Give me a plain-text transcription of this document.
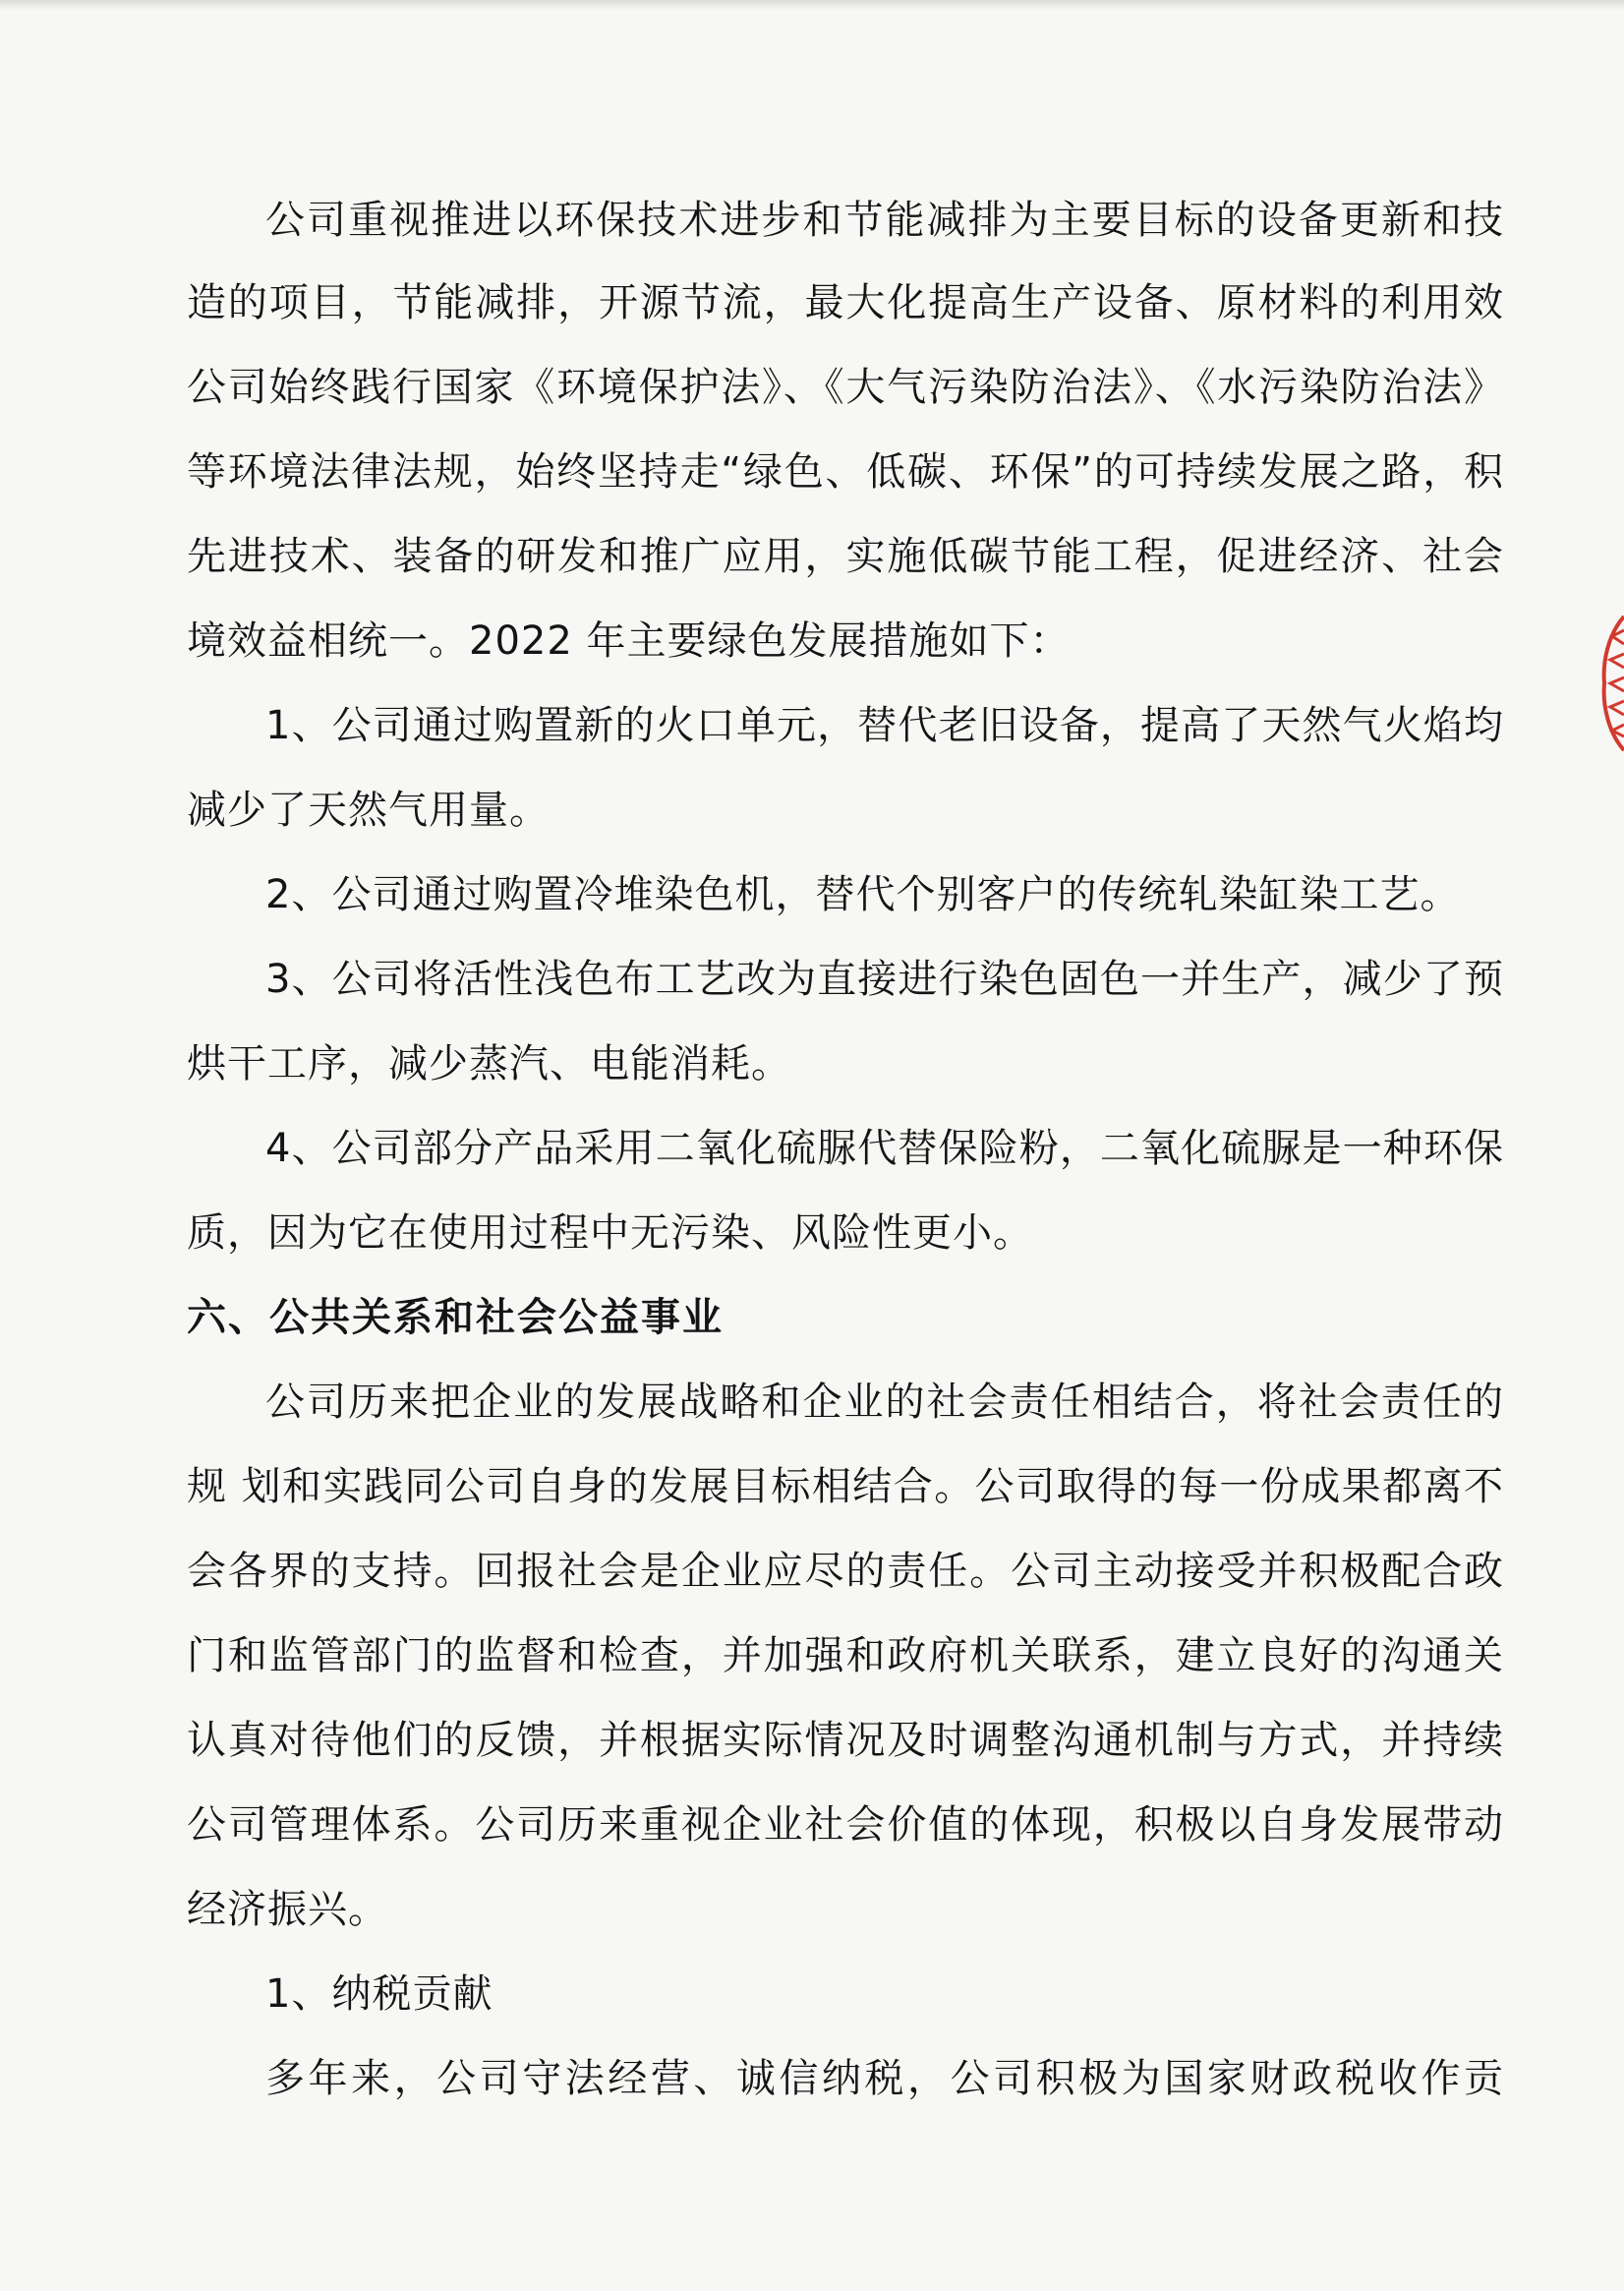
公司重视推进以环保技术进步和节能减排为主要目标的设备更新和技
造的项目，节能减排，开源节流，最大化提高生产设备、原材料的利用效
公司始终践行国家《环境保护法》、《大气污染防治法》、《水污染防治法》
等环境法律法规，始终坚持走“绿色、低碳、环保”的可持续发展之路，积
先进技术、装备的研发和推广应用，实施低碳节能工程，促进经济、社会
境效益相统一。2022 年主要绿色发展措施如下：
1、公司通过购置新的火口单元，替代老旧设备，提高了天然气火焰均
减少了天然气用量。
2、公司通过购置冷堆染色机，替代个别客户的传统轧染缸染工艺。
3、公司将活性浅色布工艺改为直接进行染色固色一并生产，减少了预
烘干工序，减少蒸汽、电能消耗。
4、公司部分产品采用二氧化硫脲代替保险粉，二氧化硫脲是一种环保
质，因为它在使用过程中无污染、风险性更小。
六、公共关系和社会公益事业
公司历来把企业的发展战略和企业的社会责任相结合，将社会责任的
规 划和实践同公司自身的发展目标相结合。公司取得的每一份成果都离不
会各界的支持。回报社会是企业应尽的责任。公司主动接受并积极配合政
门和监管部门的监督和检查，并加强和政府机关联系，建立良好的沟通关
认真对待他们的反馈，并根据实际情况及时调整沟通机制与方式，并持续
公司管理体系。公司历来重视企业社会价值的体现，积极以自身发展带动
经济振兴。
1、纳税贡献
多年来，公司守法经营、诚信纳税，公司积极为国家财政税收作贡
